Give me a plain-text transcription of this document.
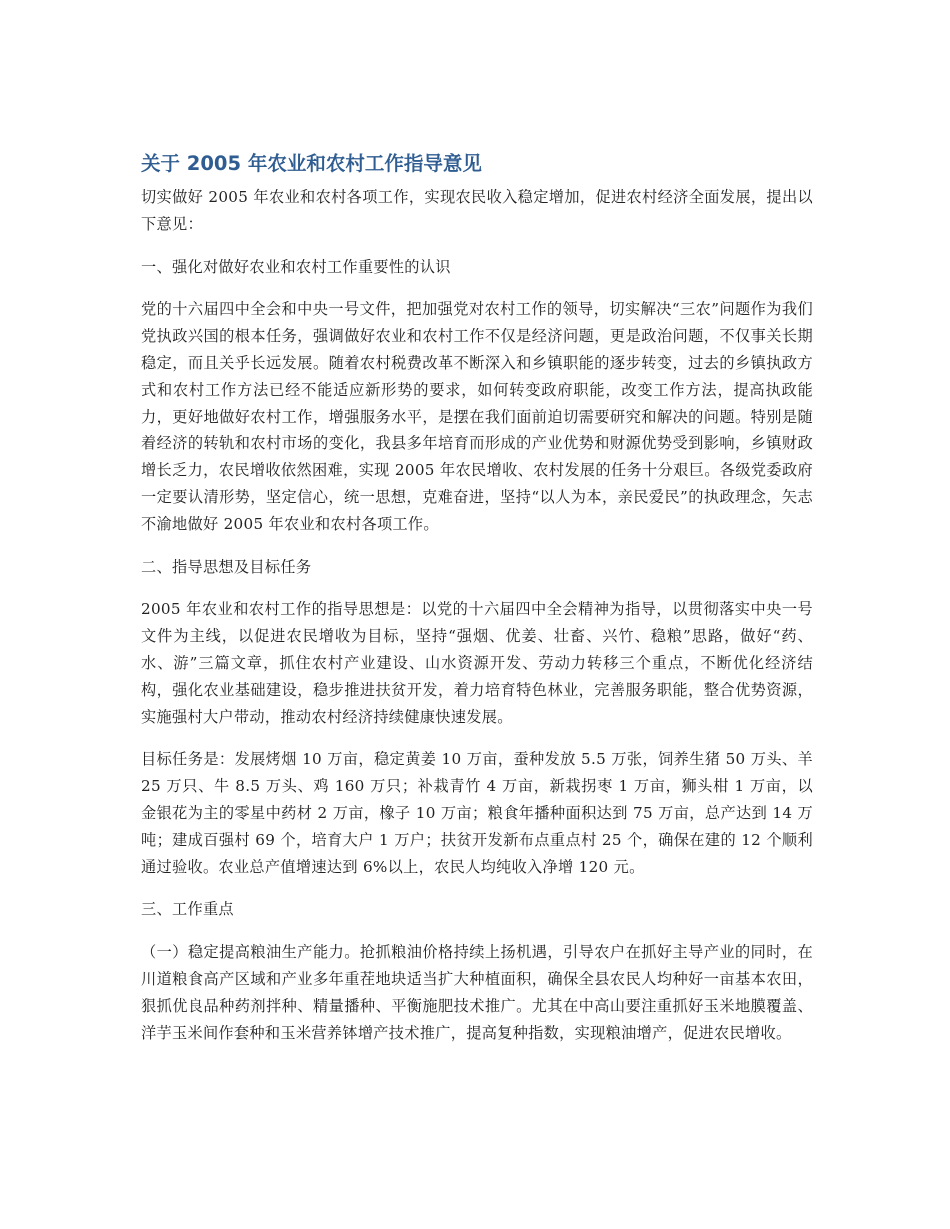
关于 2005 年农业和农村工作指导意见

切实做好 2005 年农业和农村各项工作，实现农民收入稳定增加，促进农村经济全面发展，提出以下意见：

一、强化对做好农业和农村工作重要性的认识

党的十六届四中全会和中央一号文件，把加强党对农村工作的领导，切实解决“三农”问题作为我们党执政兴国的根本任务，强调做好农业和农村工作不仅是经济问题，更是政治问题，不仅事关长期稳定，而且关乎长远发展。随着农村税费改革不断深入和乡镇职能的逐步转变，过去的乡镇执政方式和农村工作方法已经不能适应新形势的要求，如何转变政府职能，改变工作方法，提高执政能力，更好地做好农村工作，增强服务水平，是摆在我们面前迫切需要研究和解决的问题。特别是随着经济的转轨和农村市场的变化，我县多年培育而形成的产业优势和财源优势受到影响，乡镇财政增长乏力，农民增收依然困难，实现 2005 年农民增收、农村发展的任务十分艰巨。各级党委政府一定要认清形势，坚定信心，统一思想，克难奋进，坚持“以人为本，亲民爱民”的执政理念，矢志不渝地做好 2005 年农业和农村各项工作。

二、指导思想及目标任务

2005 年农业和农村工作的指导思想是：以党的十六届四中全会精神为指导，以贯彻落实中央一号文件为主线，以促进农民增收为目标，坚持“强烟、优姜、壮畜、兴竹、稳粮”思路，做好“药、水、游”三篇文章，抓住农村产业建设、山水资源开发、劳动力转移三个重点，不断优化经济结构，强化农业基础建设，稳步推进扶贫开发，着力培育特色林业，完善服务职能，整合优势资源，实施强村大户带动，推动农村经济持续健康快速发展。

目标任务是：发展烤烟 10 万亩，稳定黄姜 10 万亩，蚕种发放 5.5 万张，饲养生猪 50 万头、羊 25 万只、牛 8.5 万头、鸡 160 万只；补栽青竹 4 万亩，新栽拐枣 1 万亩，狮头柑 1 万亩，以金银花为主的零星中药材 2 万亩，橡子 10 万亩；粮食年播种面积达到 75 万亩，总产达到 14 万吨；建成百强村 69 个，培育大户 1 万户；扶贫开发新布点重点村 25 个，确保在建的 12 个顺利通过验收。农业总产值增速达到 6%以上，农民人均纯收入净增 120 元。

三、工作重点

（一）稳定提高粮油生产能力。抢抓粮油价格持续上扬机遇，引导农户在抓好主导产业的同时，在川道粮食高产区域和产业多年重茬地块适当扩大种植面积，确保全县农民人均种好一亩基本农田，狠抓优良品种药剂拌种、精量播种、平衡施肥技术推广。尤其在中高山要注重抓好玉米地膜覆盖、洋芋玉米间作套种和玉米营养钵增产技术推广，提高复种指数，实现粮油增产，促进农民增收。
